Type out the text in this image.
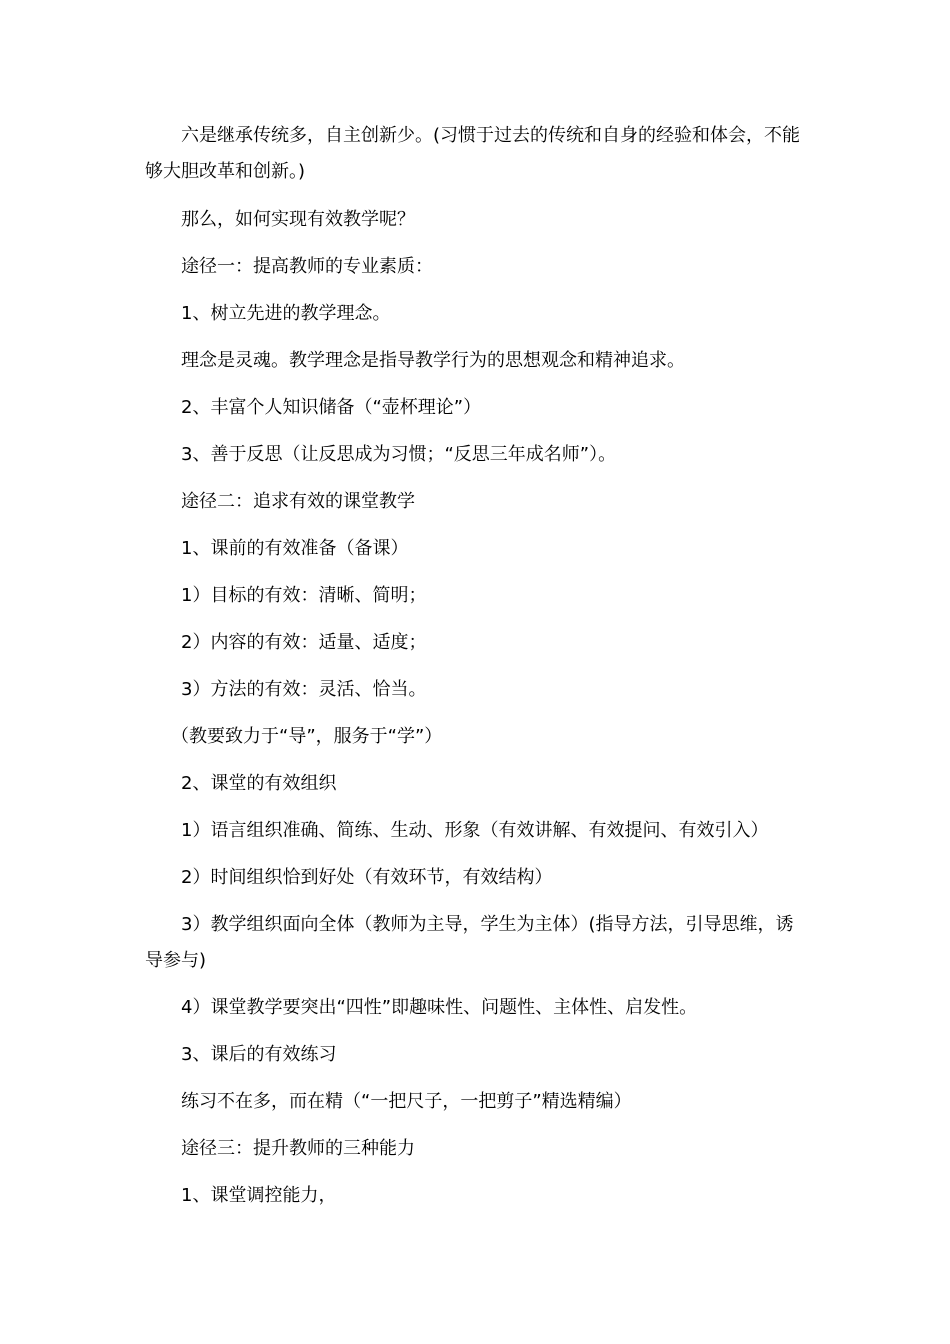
六是继承传统多，自主创新少。(习惯于过去的传统和自身的经验和体会，不能够大胆改革和创新。)

那么，如何实现有效教学呢？

途径一：提高教师的专业素质：

1、树立先进的教学理念。

理念是灵魂。教学理念是指导教学行为的思想观念和精神追求。

2、丰富个人知识储备（“壶杯理论”）

3、善于反思（让反思成为习惯；“反思三年成名师”）。

途径二：追求有效的课堂教学

1、课前的有效准备（备课）

1）目标的有效：清晰、简明；

2）内容的有效：适量、适度；

3）方法的有效：灵活、恰当。

（教要致力于“导”，服务于“学”）

2、课堂的有效组织

1）语言组织准确、简练、生动、形象（有效讲解、有效提问、有效引入）

2）时间组织恰到好处（有效环节，有效结构）

3）教学组织面向全体（教师为主导，学生为主体）(指导方法，引导思维，诱导参与)

4）课堂教学要突出“四性”即趣味性、问题性、主体性、启发性。

3、课后的有效练习

练习不在多，而在精（“一把尺子，一把剪子”精选精编）

途径三：提升教师的三种能力

1、课堂调控能力，
